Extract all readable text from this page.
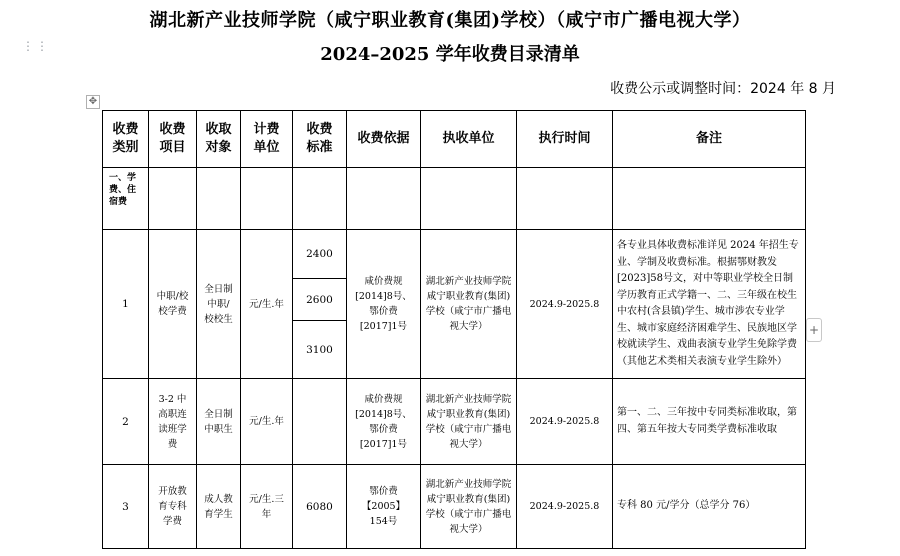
湖北新产业技师学院（咸宁职业教育(集团)学校）（咸宁市广播电视大学）
2024–2025 学年收费目录清单
⋮⋮
收费公示或调整时间：2024 年 8 月
✥
+
收费类别	收费项目	收取对象	计费单位	收费标准	收费依据	执收单位	执行时间	备注
一、学费、住宿费								
1	中职/校校学费	全日制中职/校校生	元/生.年	2400	咸价费规[2014]8号、鄂价费[2017]1号	湖北新产业技师学院 咸宁职业教育(集团)学校（咸宁市广播电视大学）	2024.9-2025.8	各专业具体收费标准详见 2024 年招生专业、学制及收费标准。根据鄂财教发[2023]58号文，对中等职业学校全日制学历教育正式学籍一、二、三年级在校生中农村(含县镇)学生、城市涉农专业学生、城市家庭经济困难学生、民族地区学校就读学生、戏曲表演专业学生免除学费（其他艺术类相关表演专业学生除外）
				2600				
				3100				
2	3-2 中高职连读班学费	全日制中职生	元/生.年		咸价费规[2014]8号、鄂价费[2017]1号	湖北新产业技师学院 咸宁职业教育(集团)学校（咸宁市广播电视大学）	2024.9-2025.8	第一、二、三年按中专同类标准收取，第四、第五年按大专同类学费标准收取
3	开放教育专科学费	成人教育学生	元/生.三年	6080	鄂价费【2005】154号	湖北新产业技师学院 咸宁职业教育(集团)学校（咸宁市广播电视大学）	2024.9-2025.8	专科 80 元/学分（总学分 76）
